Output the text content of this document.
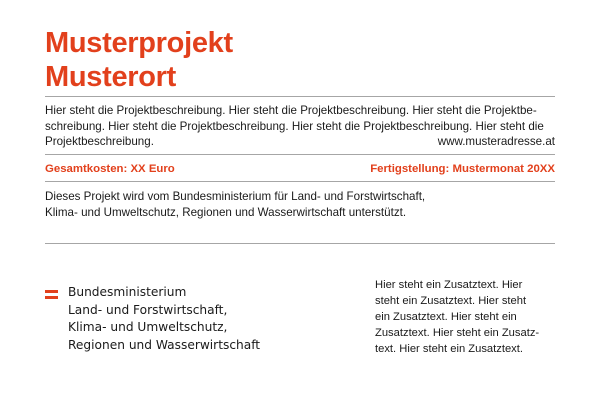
Musterprojekt
Musterort
Hier steht die Projektbeschreibung. Hier steht die Projektbeschreibung. Hier steht die Projektbe-
schreibung. Hier steht die Projektbeschreibung. Hier steht die Projektbeschreibung. Hier steht die
Projektbeschreibung.	www.musteradresse.at
Gesamtkosten: XX Euro	Fertigstellung: Mustermonat 20XX
Dieses Projekt wird vom Bundesministerium für Land- und Forstwirtschaft,
Klima- und Umweltschutz, Regionen und Wasserwirtschaft unterstützt.
Bundesministerium
Land- und Forstwirtschaft,
Klima- und Umweltschutz,
Regionen und Wasserwirtschaft
Hier steht ein Zusatztext. Hier
steht ein Zusatztext. Hier steht
ein Zusatztext. Hier steht ein
Zusatztext. Hier steht ein Zusatz-
text. Hier steht ein Zusatztext.
